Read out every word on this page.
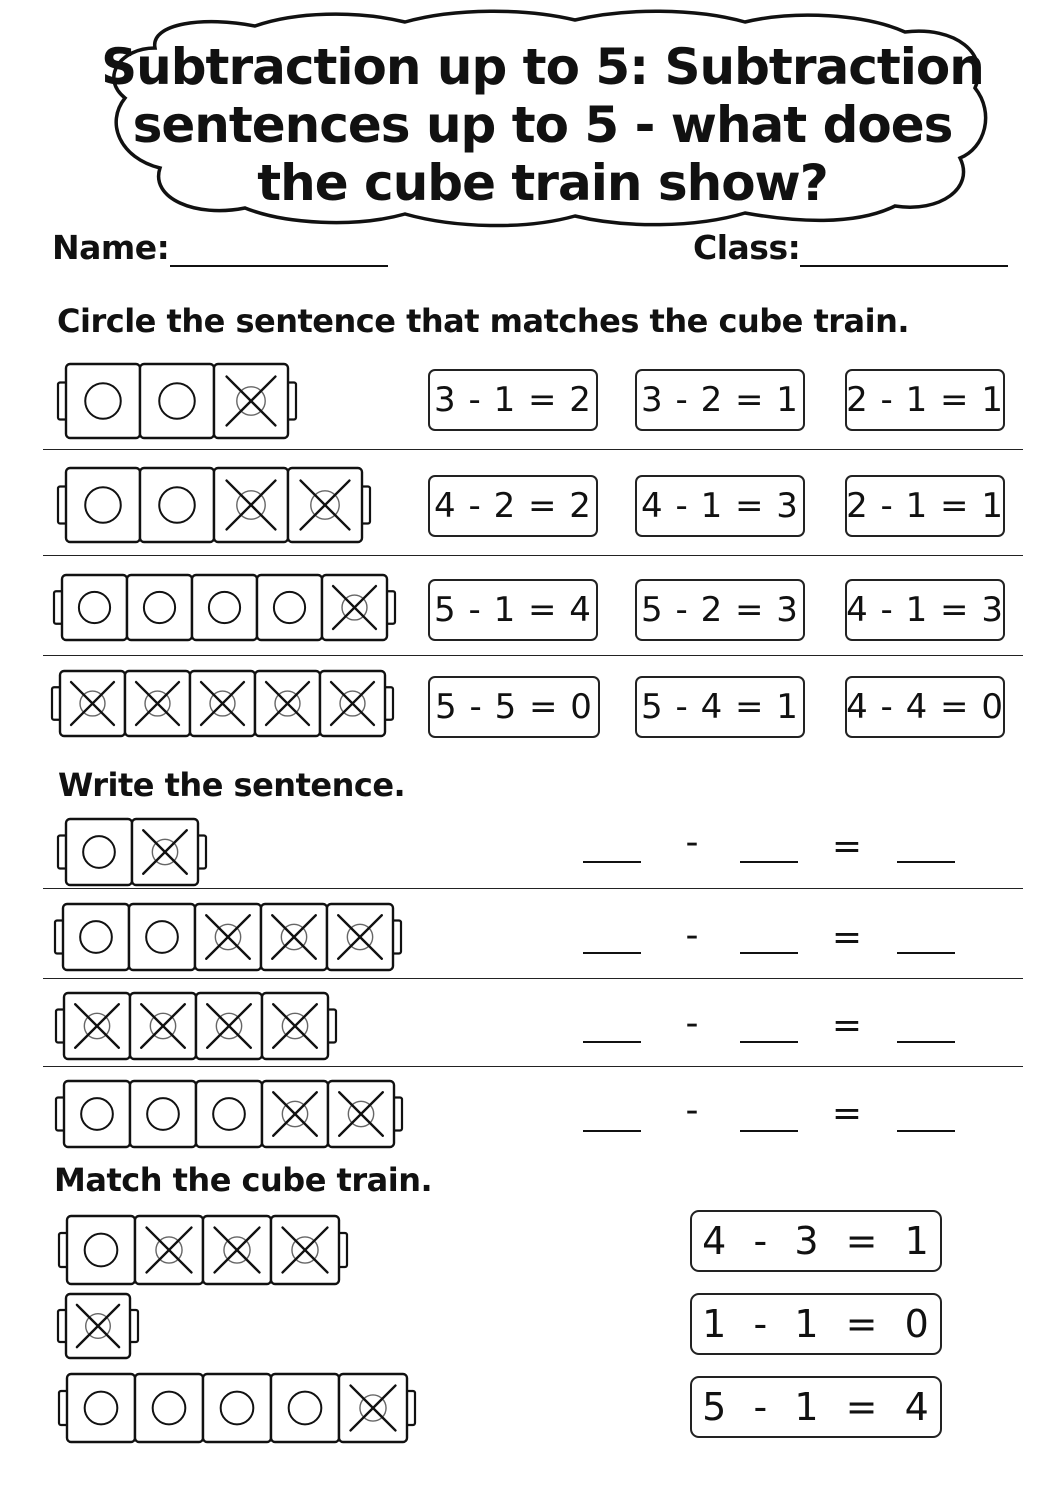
Subtraction up to 5: Subtraction
sentences up to 5 - what does
the cube train show?
Name:	Class:
Circle the sentence that matches the cube train.
3 - 1 = 2 3 - 2 = 1 2 - 1 = 1
4 - 2 = 2 4 - 1 = 3 2 - 1 = 1
5 - 1 = 4 5 - 2 = 3 4 - 1 = 3
5 - 5 = 0 5 - 4 = 1 4 - 4 = 0
Write the sentence.
-	=
-	=
-	=
-	=
Match the cube train.
4  -  3  =  1
1  -  1  =  0
5  -  1  =  4
